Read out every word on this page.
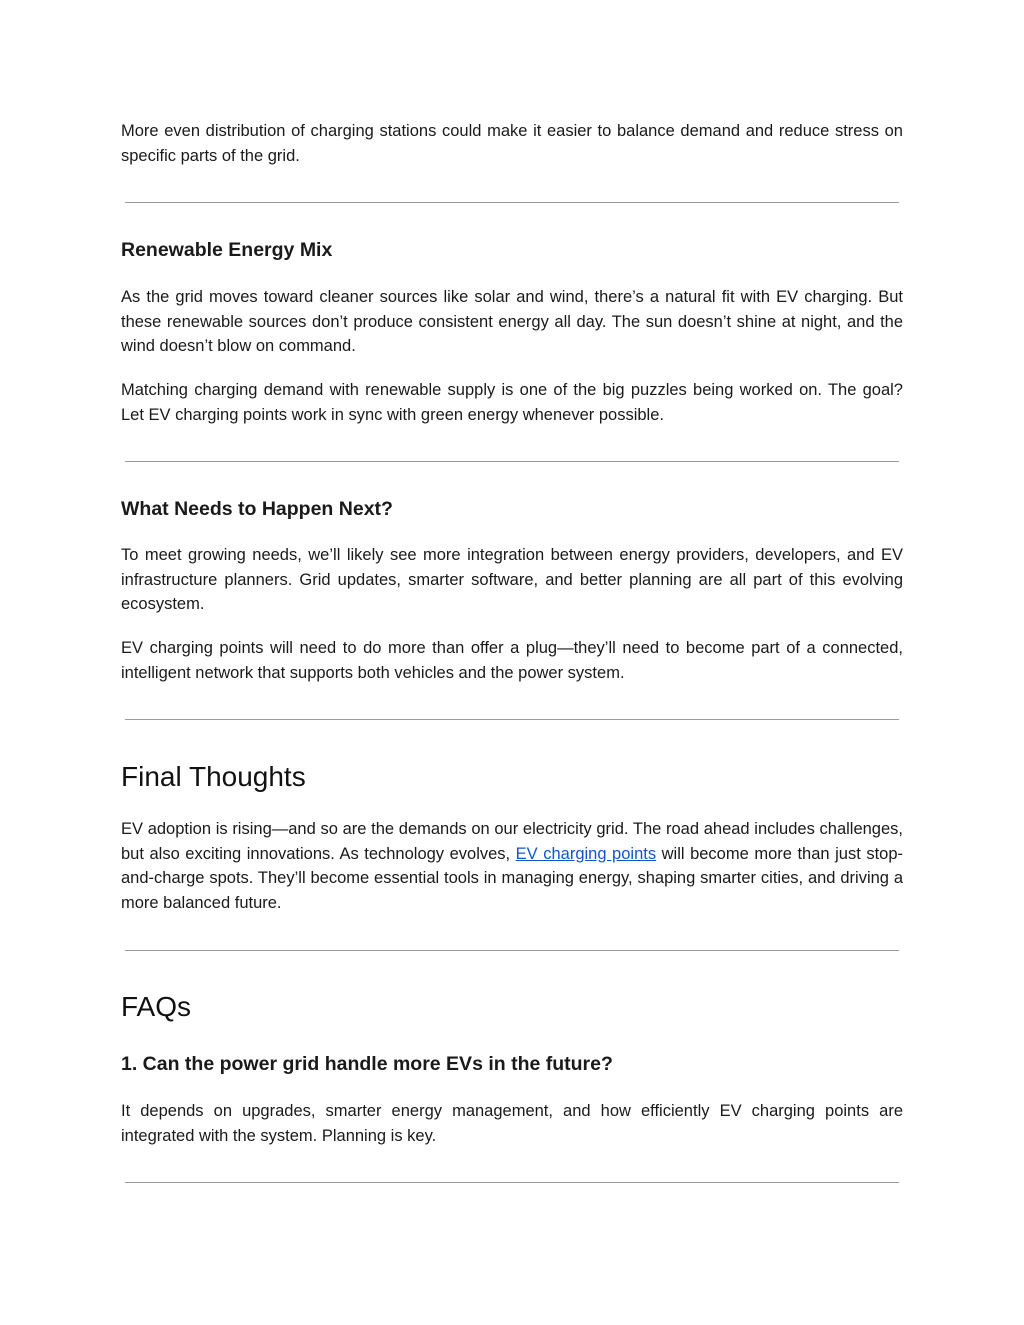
More even distribution of charging stations could make it easier to balance demand and reduce stress on specific parts of the grid.

Renewable Energy Mix

As the grid moves toward cleaner sources like solar and wind, there’s a natural fit with EV charging. But these renewable sources don’t produce consistent energy all day. The sun doesn’t shine at night, and the wind doesn’t blow on command.

Matching charging demand with renewable supply is one of the big puzzles being worked on. The goal? Let EV charging points work in sync with green energy whenever possible.

What Needs to Happen Next?

To meet growing needs, we’ll likely see more integration between energy providers, developers, and EV infrastructure planners. Grid updates, smarter software, and better planning are all part of this evolving ecosystem.

EV charging points will need to do more than offer a plug—they’ll need to become part of a connected, intelligent network that supports both vehicles and the power system.

Final Thoughts

EV adoption is rising—and so are the demands on our electricity grid. The road ahead includes challenges, but also exciting innovations. As technology evolves, EV charging points will become more than just stop-and-charge spots. They’ll become essential tools in managing energy, shaping smarter cities, and driving a more balanced future.

FAQs
1. Can the power grid handle more EVs in the future?

It depends on upgrades, smarter energy management, and how efficiently EV charging points are integrated with the system. Planning is key.
